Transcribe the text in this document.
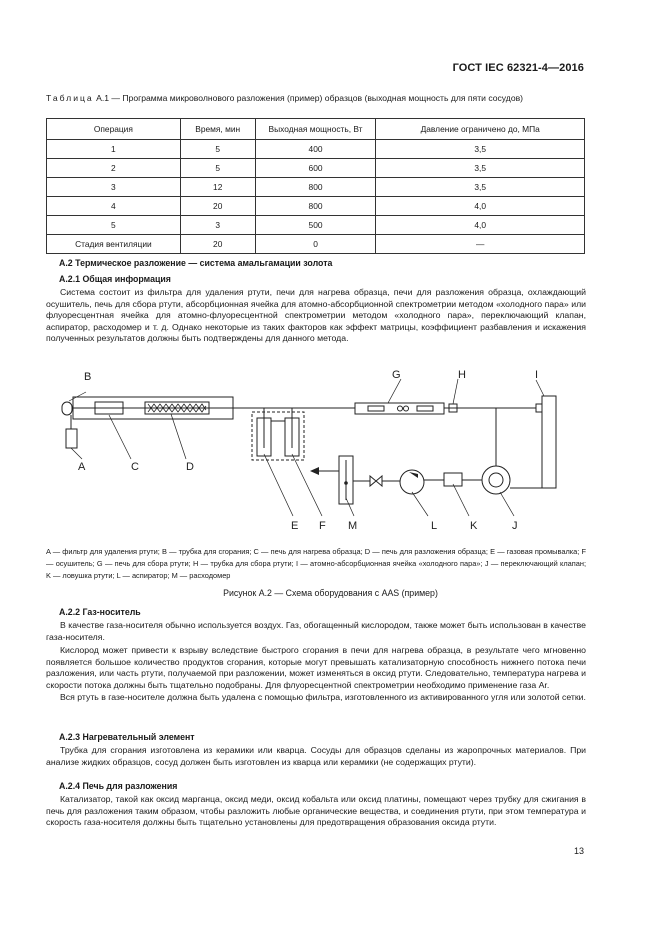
ГОСТ IEC 62321-4—2016
Таблица А.1 — Программа микроволнового разложения (пример) образцов (выходная мощность для пяти сосудов)
Операция	Время, мин	Выходная мощность, Вт	Давление ограничено до, МПа
1	5	400	3,5
2	5	600	3,5
3	12	800	3,5
4	20	800	4,0
5	3	500	4,0
Стадия вентиляции	20	0	—
А.2 Термическое разложение — система амальгамации золота
А.2.1 Общая информация
Система состоит из фильтра для удаления ртути, печи для нагрева образца, печи для разложения образца, охлаждающий осушитель, печь для сбора ртути, абсорбционная ячейка для атомно-абсорбционной спектрометрии методом «холодного пара» или флуоресцентная ячейка для атомно-флуоресцентной спектрометрии методом «холодного пара», переключающий клапан, аспиратор, расходомер и т. д. Однако некоторые из таких факторов как эффект матрицы, коэффициент разбавления и искажения полученных результатов должны быть подтверждены для данного метода.
B
A	C	D
E F M	L	K	J
G	H	I
A — фильтр для удаления ртути; B — трубка для сгорания; C — печь для нагрева образца; D — печь для разложения образца; E — газовая промывалка; F — осушитель; G — печь для сбора ртути; H — трубка для сбора ртути; I — атомно-абсорбционная ячейка «холодного пара»; J — переключающий клапан; K — ловушка ртути; L — аспиратор; M — расходомер
Рисунок А.2 — Схема оборудования с AAS (пример)
А.2.2 Газ-носитель
В качестве газа-носителя обычно используется воздух. Газ, обогащенный кислородом, также может быть использован в качестве газа-носителя.
Кислород может привести к взрыву вследствие быстрого сгорания в печи для нагрева образца, в результате чего мгновенно появляется большое количество продуктов сгорания, которые могут превышать катализаторную способность нижнего потока печи разложения, или часть ртути, получаемой при разложении, может изменяться в оксид ртути. Следовательно, температура нагрева и скорости потока должны быть тщательно подобраны. Для флуоресцентной спектрометрии необходимо применение газа Ar.
Вся ртуть в газе-носителе должна быть удалена с помощью фильтра, изготовленного из активированного угля или золотой сетки.
А.2.3 Нагревательный элемент
Трубка для сгорания изготовлена из керамики или кварца. Сосуды для образцов сделаны из жаропрочных материалов. При анализе жидких образцов, сосуд должен быть изготовлен из кварца или керамики (не содержащих ртути).
А.2.4 Печь для разложения
Катализатор, такой как оксид марганца, оксид меди, оксид кобальта или оксид платины, помещают через трубку для сжигания в печь для разложения таким образом, чтобы разложить любые органические вещества, и соединения ртути, при этом температура и скорость газа-носителя должны быть тщательно установлены для предотвращения образования оксида ртути.
13
